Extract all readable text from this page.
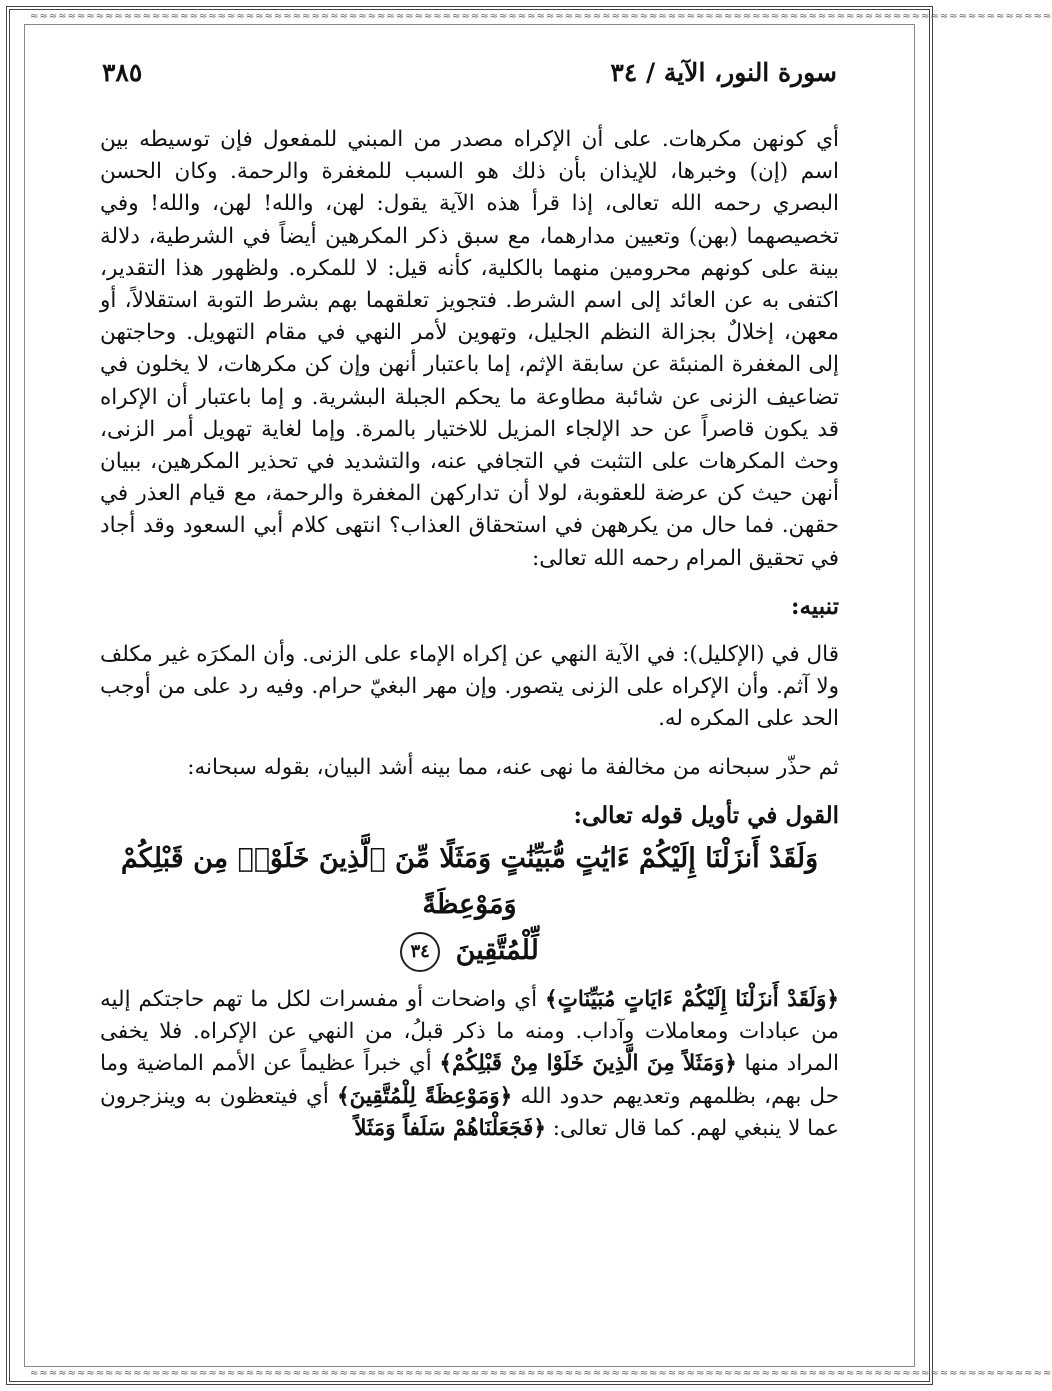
≈≈≈≈≈≈≈≈≈≈≈≈≈≈≈≈≈≈≈≈≈≈≈≈≈≈≈≈≈≈≈≈≈≈≈≈≈≈≈≈≈≈≈≈≈≈≈≈≈≈≈≈≈≈≈≈≈≈≈≈≈≈≈≈≈≈≈≈≈≈≈≈≈≈≈≈≈≈≈≈≈≈≈≈≈≈≈≈≈≈≈≈≈≈≈≈≈≈≈≈≈≈≈≈≈≈≈≈≈
≈≈≈≈≈≈≈≈≈≈≈≈≈≈≈≈≈≈≈≈≈≈≈≈≈≈≈≈≈≈≈≈≈≈≈≈≈≈≈≈≈≈≈≈≈≈≈≈≈≈≈≈≈≈≈≈≈≈≈≈≈≈≈≈≈≈≈≈≈≈≈≈≈≈≈≈≈≈≈≈≈≈≈≈≈≈≈≈≈≈≈≈≈≈≈≈≈≈≈≈≈≈≈≈≈≈≈≈≈
سورة النور، الآية / ٣٤
٣٨٥

أي كونهن مكرهات. على أن الإكراه مصدر من المبني للمفعول فإن توسيطه بين اسم (إن) وخبرها، للإيذان بأن ذلك هو السبب للمغفرة والرحمة. وكان الحسن البصري رحمه الله تعالى، إذا قرأ هذه الآية يقول: لهن، والله! لهن، والله! وفي تخصيصهما (بهن) وتعيين مدارهما، مع سبق ذكر المكرهين أيضاً في الشرطية، دلالة بينة على كونهم محرومين منهما بالكلية، كأنه قيل: لا للمكره. ولظهور هذا التقدير، اكتفى به عن العائد إلى اسم الشرط. فتجويز تعلقهما بهم بشرط التوبة استقلالاً، أو معهن، إخلالٌ بجزالة النظم الجليل، وتهوين لأمر النهي في مقام التهويل. وحاجتهن إلى المغفرة المنبئة عن سابقة الإثم، إما باعتبار أنهن وإن كن مكرهات، لا يخلون في تضاعيف الزنى عن شائبة مطاوعة ما يحكم الجبلة البشرية. و إما باعتبار أن الإكراه قد يكون قاصراً عن حد الإلجاء المزيل للاختيار بالمرة. وإما لغاية تهويل أمر الزنى، وحث المكرهات على التثبت في التجافي عنه، والتشديد في تحذير المكرهين، ببيان أنهن حيث كن عرضة للعقوبة، لولا أن تداركهن المغفرة والرحمة، مع قيام العذر في حقهن. فما حال من يكرههن في استحقاق العذاب؟ انتهى كلام أبي السعود وقد أجاد في تحقيق المرام رحمه الله تعالى:

تنبيه:

قال في (الإكليل): في الآية النهي عن إكراه الإماء على الزنى. وأن المكرَه غير مكلف ولا آثم. وأن الإكراه على الزنى يتصور. وإن مهر البغيّ حرام. وفيه رد على من أوجب الحد على المكره له.

ثم حذّر سبحانه من مخالفة ما نهى عنه، مما بينه أشد البيان، بقوله سبحانه:

القول في تأويل قوله تعالى:

وَلَقَدْ أَنزَلْنَا إِلَيْكُمْ ءَايَٰتٍ مُّبَيِّنَٰتٍ وَمَثَلًا مِّنَ ٱلَّذِينَ خَلَوْا۟ مِن قَبْلِكُمْ وَمَوْعِظَةً
لِّلْمُتَّقِينَ ٣٤

﴿وَلَقَدْ أَنزَلْنَا إِلَيْكُمْ ءَايَاتٍ مُبَيِّنَاتٍ﴾ أي واضحات أو مفسرات لكل ما تهم حاجتكم إليه من عبادات ومعاملات وآداب. ومنه ما ذكر قبلُ، من النهي عن الإكراه. فلا يخفى المراد منها ﴿وَمَثَلاً مِنَ الَّذِينَ خَلَوْا مِنْ قَبْلِكُمْ﴾ أي خبراً عظيماً عن الأمم الماضية وما حل بهم، بظلمهم وتعديهم حدود الله ﴿وَمَوْعِظَةً لِلْمُتَّقِينَ﴾ أي فيتعظون به وينزجرون عما لا ينبغي لهم. كما قال تعالى: ﴿فَجَعَلْنَاهُمْ سَلَفاً وَمَثَلاً
